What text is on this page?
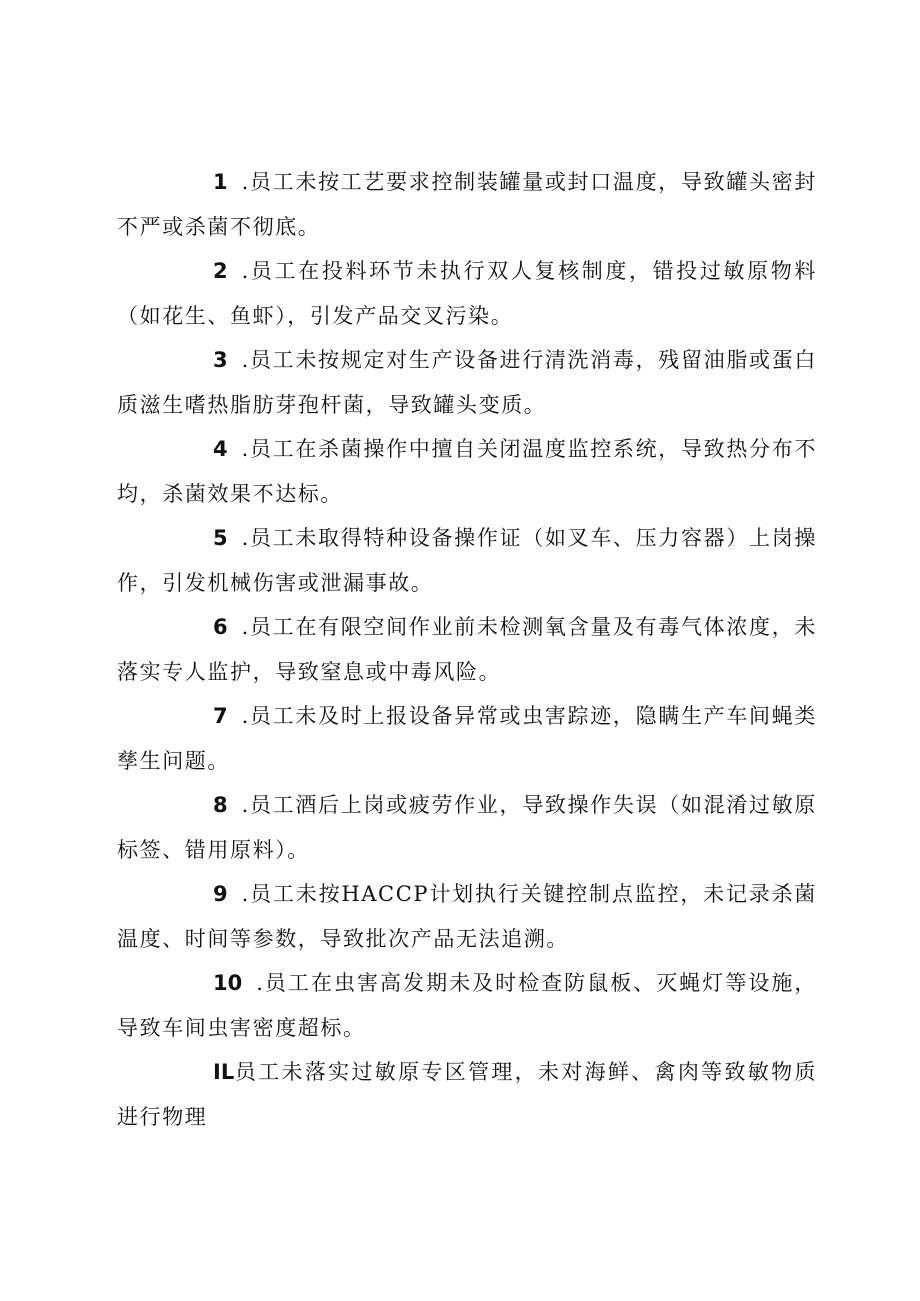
1 .员工未按工艺要求控制装罐量或封口温度，导致罐头密封不严或杀菌不彻底。

2 .员工在投料环节未执行双人复核制度，错投过敏原物料（如花生、鱼虾），引发产品交叉污染。

3 .员工未按规定对生产设备进行清洗消毒，残留油脂或蛋白质滋生嗜热脂肪芽孢杆菌，导致罐头变质。

4 .员工在杀菌操作中擅自关闭温度监控系统，导致热分布不均，杀菌效果不达标。

5 .员工未取得特种设备操作证（如叉车、压力容器）上岗操作，引发机械伤害或泄漏事故。

6 .员工在有限空间作业前未检测氧含量及有毒气体浓度，未落实专人监护，导致窒息或中毒风险。

7 .员工未及时上报设备异常或虫害踪迹，隐瞒生产车间蝇类孳生问题。

8 .员工酒后上岗或疲劳作业，导致操作失误（如混淆过敏原标签、错用原料）。

9 .员工未按HACCP计划执行关键控制点监控，未记录杀菌温度、时间等参数，导致批次产品无法追溯。

10 .员工在虫害高发期未及时检查防鼠板、灭蝇灯等设施，导致车间虫害密度超标。

IL员工未落实过敏原专区管理，未对海鲜、禽肉等致敏物质进行物理
